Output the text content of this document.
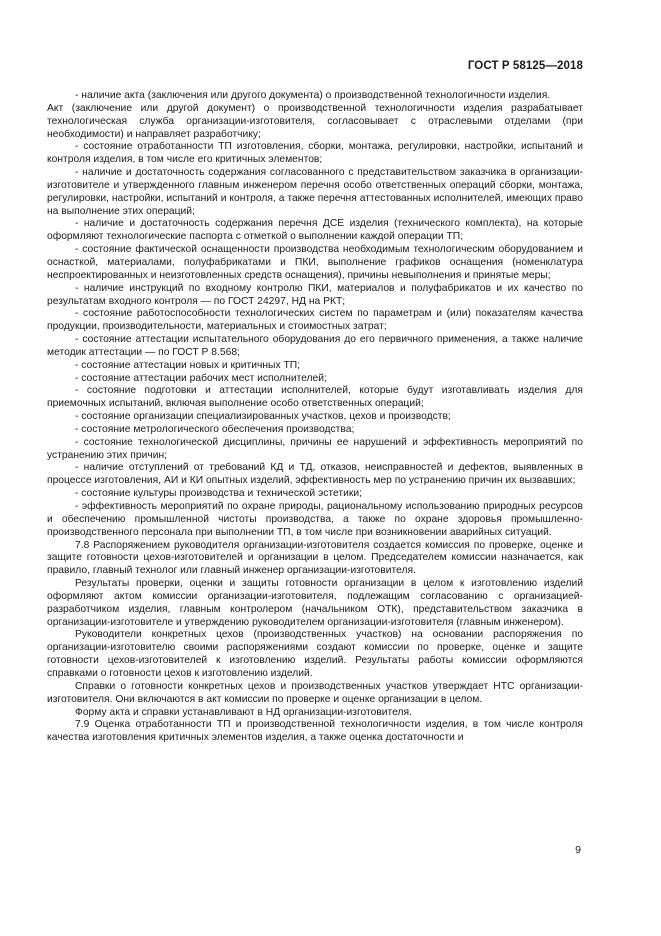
ГОСТ Р 58125—2018

- наличие акта (заключения или другого документа) о производственной технологичности изделия.

Акт (заключение или другой документ) о производственной технологичности изделия разрабатывает технологическая служба организации-изготовителя, согласовывает с отраслевыми отделами (при необходимости) и направляет разработчику;

- состояние отработанности ТП изготовления, сборки, монтажа, регулировки, настройки, испытаний и контроля изделия, в том числе его критичных элементов;

- наличие и достаточность содержания согласованного с представительством заказчика в организации-изготовителе и утвержденного главным инженером перечня особо ответственных операций сборки, монтажа, регулировки, настройки, испытаний и контроля, а также перечня аттестованных исполнителей, имеющих право на выполнение этих операций;

- наличие и достаточность содержания перечня ДСЕ изделия (технического комплекта), на которые оформляют технологические паспорта с отметкой о выполнении каждой операции ТП;

- состояние фактической оснащенности производства необходимым технологическим оборудованием и оснасткой, материалами, полуфабрикатами и ПКИ, выполнение графиков оснащения (номенклатура неспроектированных и неизготовленных средств оснащения), причины невыполнения и принятые меры;

- наличие инструкций по входному контролю ПКИ, материалов и полуфабрикатов и их качество по результатам входного контроля — по ГОСТ 24297, НД на РКТ;

- состояние работоспособности технологических систем по параметрам и (или) показателям качества продукции, производительности, материальных и стоимостных затрат;

- состояние аттестации испытательного оборудования до его первичного применения, а также наличие методик аттестации — по ГОСТ Р 8.568;

- состояние аттестации новых и критичных ТП;

- состояние аттестации рабочих мест исполнителей;

- состояние подготовки и аттестации исполнителей, которые будут изготавливать изделия для приемочных испытаний, включая выполнение особо ответственных операций;

- состояние организации специализированных участков, цехов и производств;

- состояние метрологического обеспечения производства;

- состояние технологической дисциплины, причины ее нарушений и эффективность мероприятий по устранению этих причин;

- наличие отступлений от требований КД и ТД, отказов, неисправностей и дефектов, выявленных в процессе изготовления, АИ и КИ опытных изделий, эффективность мер по устранению причин их вызвавших;

- состояние культуры производства и технической эстетики;

- эффективность мероприятий по охране природы, рациональному использованию природных ресурсов и обеспечению промышленной чистоты производства, а также по охране здоровья промышленно-производственного персонала при выполнении ТП, в том числе при возникновении аварийных ситуаций.

7.8 Распоряжением руководителя организации-изготовителя создается комиссия по проверке, оценке и защите готовности цехов-изготовителей и организации в целом. Председателем комиссии назначается, как правило, главный технолог или главный инженер организации-изготовителя.

Результаты проверки, оценки и защиты готовности организации в целом к изготовлению изделий оформляют актом комиссии организации-изготовителя, подлежащим согласованию с организацией-разработчиком изделия, главным контролером (начальником ОТК), представительством заказчика в организации-изготовителе и утверждению руководителем организации-изготовителя (главным инженером).

Руководители конкретных цехов (производственных участков) на основании распоряжения по организации-изготовителю своими распоряжениями создают комиссии по проверке, оценке и защите готовности цехов-изготовителей к изготовлению изделий. Результаты работы комиссии оформляются справками о готовности цехов к изготовлению изделий.

Справки о готовности конкретных цехов и производственных участков утверждает НТС организации-изготовителя. Они включаются в акт комиссии по проверке и оценке организации в целом.

Форму акта и справки устанавливают в НД организации-изготовителя.

7.9 Оценка отработанности ТП и производственной технологичности изделия, в том числе контроля качества изготовления критичных элементов изделия, а также оценка достаточности и

9
